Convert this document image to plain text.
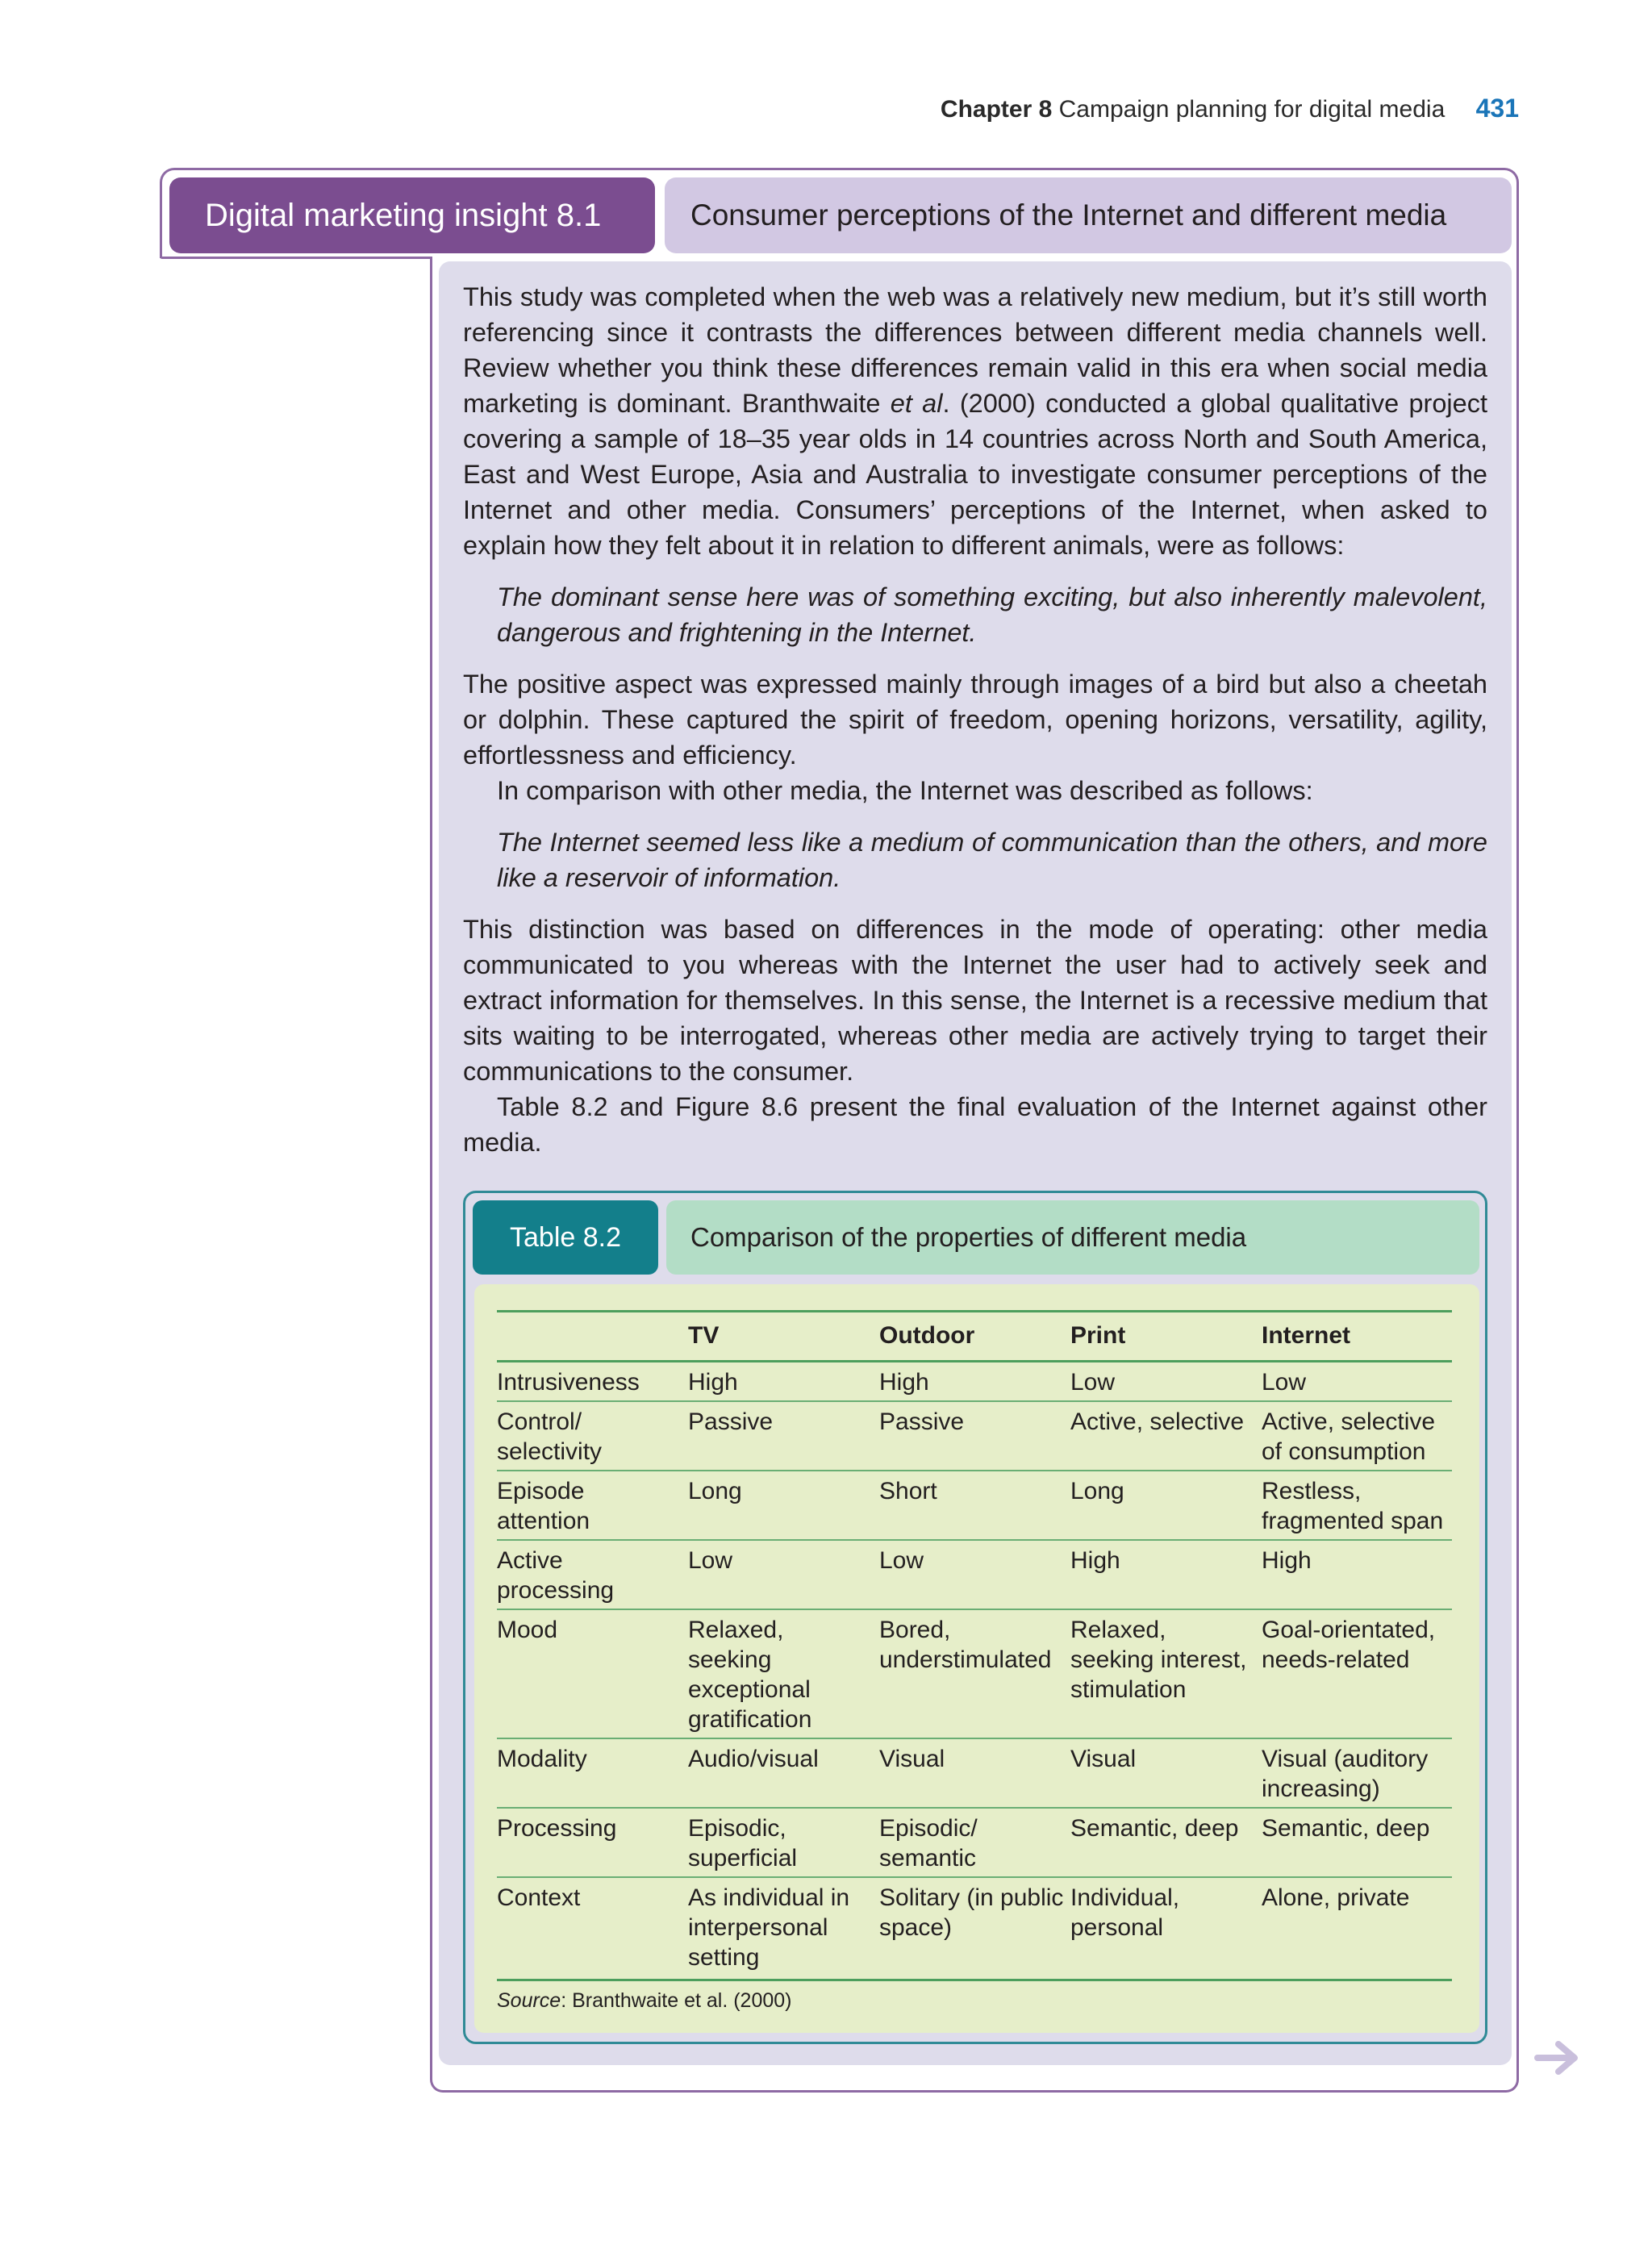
Chapter 8 Campaign planning for digital media 431
Digital marketing insight 8.1	Consumer perceptions of the Internet and different media

This study was completed when the web was a relatively new medium, but it’s still worth referencing since it contrasts the differences between different media channels well. Review whether you think these differences remain valid in this era when social media marketing is dominant. Branthwaite et al. (2000) conducted a global qualitative project covering a sample of 18–35 year olds in 14 countries across North and South America, East and West Europe, Asia and Australia to investigate consumer perceptions of the Internet and other media. Consumers’ perceptions of the Internet, when asked to explain how they felt about it in relation to different animals, were as follows:

The dominant sense here was of something exciting, but also inherently malevolent, dangerous and frightening in the Internet.

The positive aspect was expressed mainly through images of a bird but also a cheetah or dolphin. These captured the spirit of freedom, opening horizons, versatility, agility, effortlessness and efficiency.

In comparison with other media, the Internet was described as follows:

The Internet seemed less like a medium of communication than the others, and more like a reservoir of information.

This distinction was based on differences in the mode of operating: other media communicated to you whereas with the Internet the user had to actively seek and extract information for themselves. In this sense, the Internet is a recessive medium that sits waiting to be interrogated, whereas other media are actively trying to target their communications to the consumer.

Table 8.2 and Figure 8.6 present the final evaluation of the Internet against other media.

Table 8.2	Comparison of the properties of different media
	TV	Outdoor	Print	Internet
Intrusiveness	High	High	Low	Low
Control/ selectivity	Passive	Passive	Active, selective	Active, selective of consumption
Episode attention	Long	Short	Long	Restless, fragmented span
Active processing	Low	Low	High	High
Mood	Relaxed, seeking exceptional gratification	Bored, understimulated	Relaxed, seeking interest, stimulation	Goal-orientated, needs-related
Modality	Audio/visual	Visual	Visual	Visual (auditory increasing)
Processing	Episodic, superficial	Episodic/ semantic	Semantic, deep	Semantic, deep
Context	As individual in interpersonal setting	Solitary (in public space)	Individual, personal	Alone, private
Source: Branthwaite et al. (2000)
